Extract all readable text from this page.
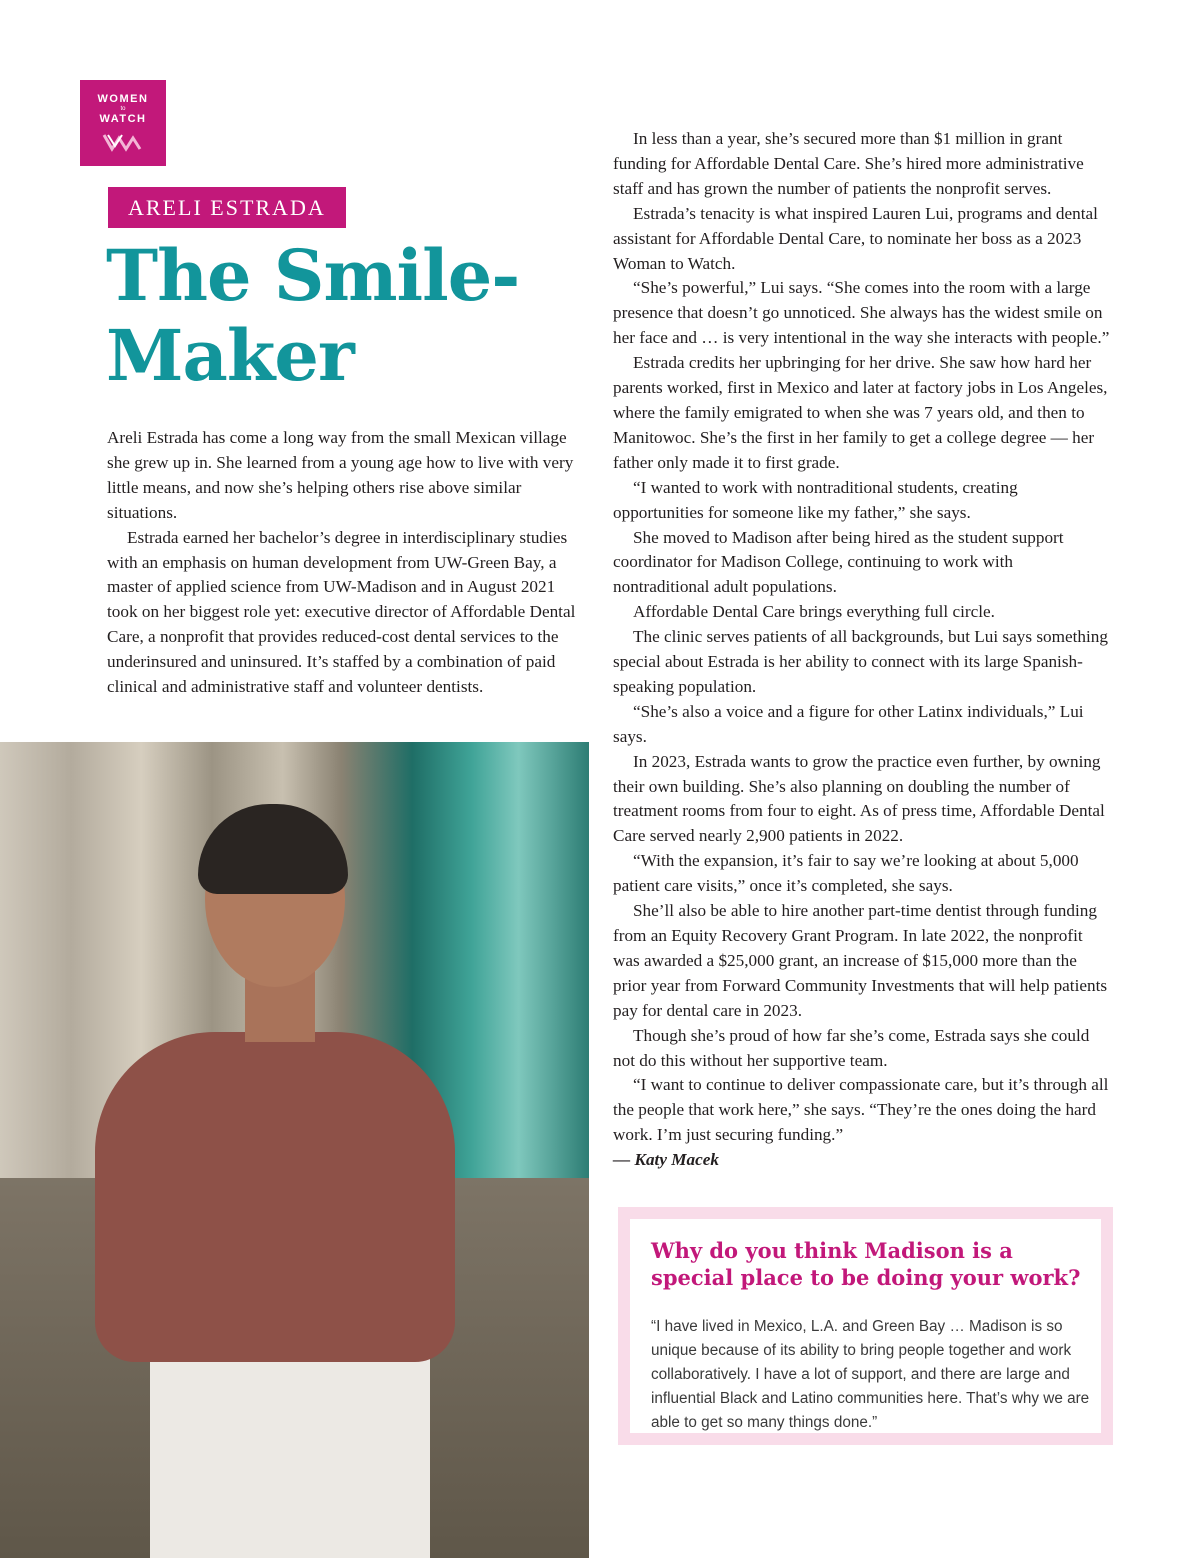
WOMEN
to
WATCH
ARELI ESTRADA
The Smile-
Maker

Areli Estrada has come a long way from the small Mexican village she grew up in. She learned from a young age how to live with very little means, and now she’s helping others rise above similar situations.

Estrada earned her bachelor’s degree in interdisciplinary studies with an emphasis on human development from UW-Green Bay, a master of applied science from UW-Madison and in August 2021 took on her biggest role yet: executive director of Affordable Dental Care, a nonprofit that provides reduced-cost dental services to the underinsured and uninsured. It’s staffed by a combination of paid clinical and administrative staff and volunteer dentists.

In less than a year, she’s secured more than $1 million in grant funding for Affordable Dental Care. She’s hired more administrative staff and has grown the number of patients the nonprofit serves.

Estrada’s tenacity is what inspired Lauren Lui, programs and dental assistant for Affordable Dental Care, to nominate her boss as a 2023 Woman to Watch.

“She’s powerful,” Lui says. “She comes into the room with a large presence that doesn’t go unnoticed. She always has the widest smile on her face and … is very intentional in the way she interacts with people.”

Estrada credits her upbringing for her drive. She saw how hard her parents worked, first in Mexico and later at factory jobs in Los Angeles, where the family emigrated to when she was 7 years old, and then to Manitowoc. She’s the first in her family to get a college degree — her father only made it to first grade.

“I wanted to work with nontraditional students, creating opportunities for someone like my father,” she says.

She moved to Madison after being hired as the student support coordinator for Madison College, continuing to work with nontraditional adult populations.

Affordable Dental Care brings everything full circle.

The clinic serves patients of all backgrounds, but Lui says something special about Estrada is her ability to connect with its large Spanish-speaking population.

“She’s also a voice and a figure for other Latinx individuals,” Lui says.

In 2023, Estrada wants to grow the practice even further, by owning their own building. She’s also planning on doubling the number of treatment rooms from four to eight. As of press time, Affordable Dental Care served nearly 2,900 patients in 2022.

“With the expansion, it’s fair to say we’re looking at about 5,000 patient care visits,” once it’s completed, she says.

She’ll also be able to hire another part-time dentist through funding from an Equity Recovery Grant Program. In late 2022, the nonprofit was awarded a $25,000 grant, an increase of $15,000 more than the prior year from Forward Community Investments that will help patients pay for dental care in 2023.

Though she’s proud of how far she’s come, Estrada says she could not do this without her supportive team.

“I want to continue to deliver compassionate care, but it’s through all the people that work here,” she says. “They’re the ones doing the hard work. I’m just securing funding.”

— Katy Macek

Why do you think Madison is a special place to be doing your work?
“I have lived in Mexico, L.A. and Green Bay … Madison is so unique because of its ability to bring people together and work collaboratively. I have a lot of support, and there are large and influential Black and Latino communities here. That’s why we are able to get so many things done.”
